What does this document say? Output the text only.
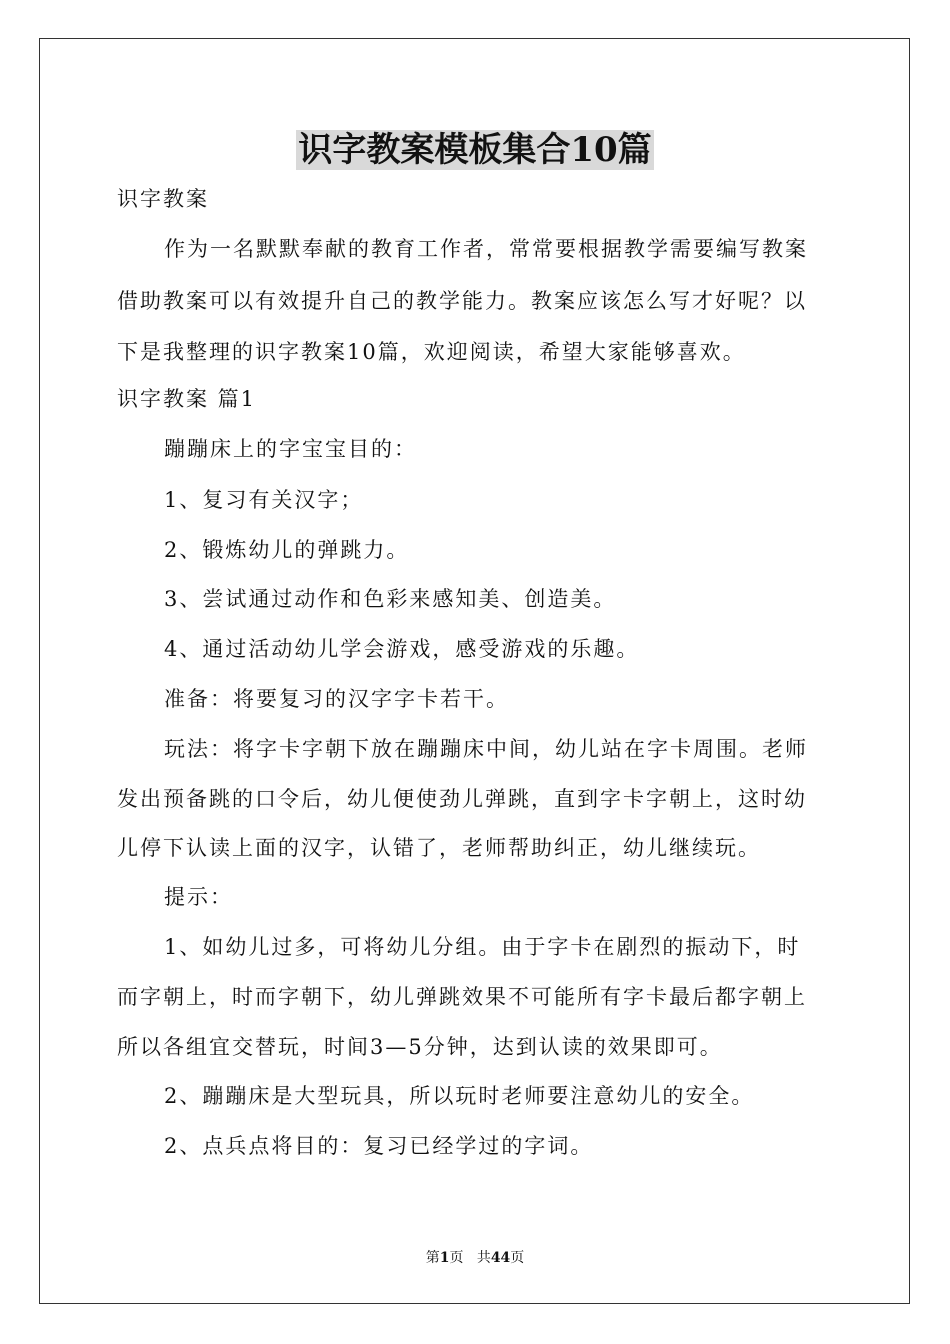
识字教案模板集合10篇
识字教案
作为一名默默奉献的教育工作者，常常要根据教学需要编写教案
借助教案可以有效提升自己的教学能力。教案应该怎么写才好呢？以
下是我整理的识字教案10篇，欢迎阅读，希望大家能够喜欢。
识字教案 篇1
蹦蹦床上的字宝宝目的：
1、复习有关汉字；
2、锻炼幼儿的弹跳力。
3、尝试通过动作和色彩来感知美、创造美。
4、通过活动幼儿学会游戏，感受游戏的乐趣。
准备：将要复习的汉字字卡若干。
玩法：将字卡字朝下放在蹦蹦床中间，幼儿站在字卡周围。老师
发出预备跳的口令后，幼儿便使劲儿弹跳，直到字卡字朝上，这时幼
儿停下认读上面的汉字，认错了，老师帮助纠正，幼儿继续玩。
提示：
1、如幼儿过多，可将幼儿分组。由于字卡在剧烈的振动下，时
而字朝上，时而字朝下，幼儿弹跳效果不可能所有字卡最后都字朝上
所以各组宜交替玩，时间3—5分钟，达到认读的效果即可。
2、蹦蹦床是大型玩具，所以玩时老师要注意幼儿的安全。
2、点兵点将目的：复习已经学过的字词。
第1页 共44页
